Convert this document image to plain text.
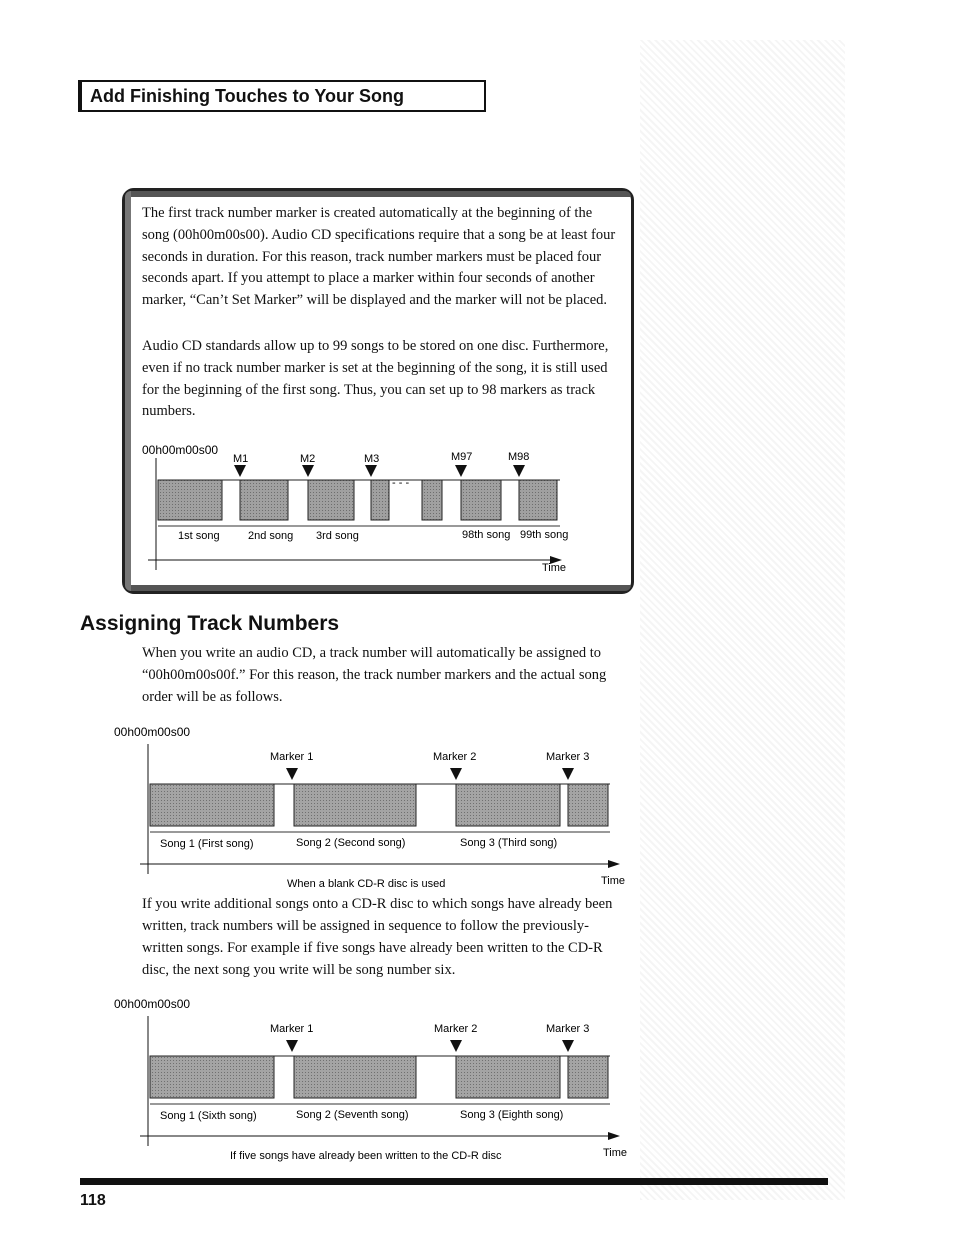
Add Finishing Touches to Your Song

The first track number marker is created automatically at the beginning of the song (00h00m00s00). Audio CD specifications require that a song be at least four seconds in duration. For this reason, track number markers must be placed four seconds apart. If you attempt to place a marker within four seconds of another marker, “Can’t Set Marker” will be displayed and the marker will not be placed.

Audio CD standards allow up to 99 songs to be stored on one disc. Furthermore, even if no track number marker is set at the beginning of the song, it is still used for the beginning of the first song. Thus, you can set up to 98 markers as track numbers.

00h00m00s00
M1	M2	M3	M97	M98
- - -
1st song	2nd song 3rd song	98th song 99th song
Time
Assigning Track Numbers

When you write an audio CD, a track number will automatically be assigned to “00h00m00s00f.” For this reason, the track number markers and the actual song order will be as follows.

00h00m00s00
Marker 1	Marker 2	Marker 3
Song 1 (First song)	Song 2 (Second song)	Song 3 (Third song)
When a blank CD-R disc is used	Time

If you write additional songs onto a CD-R disc to which songs have already been written, track numbers will be assigned in sequence to follow the previously-written songs. For example if five songs have already been written to the CD-R disc, the next song you write will be song number six.

00h00m00s00
Marker 1	Marker 2	Marker 3
Song 1 (Sixth song)	Song 2 (Seventh song)	Song 3 (Eighth song)
If five songs have already been written to the CD-R disc	Time

118
